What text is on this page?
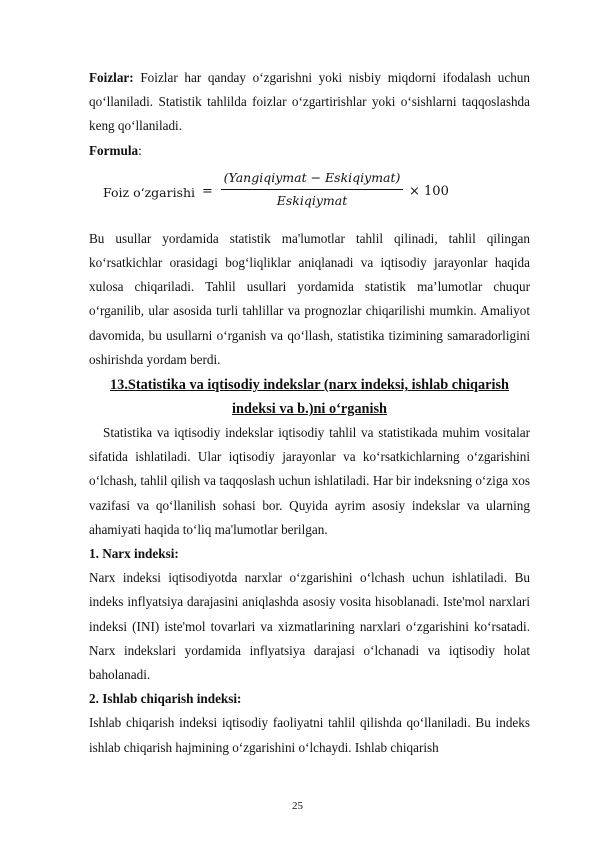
Foizlar: Foizlar har qanday o‘zgarishni yoki nisbiy miqdorni ifodalash uchun qo‘llaniladi. Statistik tahlilda foizlar o‘zgartirishlar yoki o‘sishlarni taqqoslashda keng qo‘llaniladi.

Formula:

Foiz o‘zgarishi =
(Yangiqiymat − Eskiqiymat)
Eskiqiymat
× 100

Bu usullar yordamida statistik ma'lumotlar tahlil qilinadi, tahlil qilingan ko‘rsatkichlar orasidagi bog‘liqliklar aniqlanadi va iqtisodiy jarayonlar haqida xulosa chiqariladi. Tahlil usullari yordamida statistik ma’lumotlar chuqur o‘rganilib, ular asosida turli tahlillar va prognozlar chiqarilishi mumkin. Amaliyot davomida, bu usullarni o‘rganish va qo‘llash, statistika tizimining samaradorligini oshirishda yordam berdi.

13.Statistika va iqtisodiy indekslar (narx indeksi, ishlab chiqarish indeksi va b.)ni o‘rganish

Statistika va iqtisodiy indekslar iqtisodiy tahlil va statistikada muhim vositalar sifatida ishlatiladi. Ular iqtisodiy jarayonlar va ko‘rsatkichlarning o‘zgarishini o‘lchash, tahlil qilish va taqqoslash uchun ishlatiladi. Har bir indeksning o‘ziga xos vazifasi va qo‘llanilish sohasi bor. Quyida ayrim asosiy indekslar va ularning ahamiyati haqida to‘liq ma'lumotlar berilgan.

1. Narx indeksi:

Narx indeksi iqtisodiyotda narxlar o‘zgarishini o‘lchash uchun ishlatiladi. Bu indeks inflyatsiya darajasini aniqlashda asosiy vosita hisoblanadi. Iste'mol narxlari indeksi (INI) iste'mol tovarlari va xizmatlarining narxlari o‘zgarishini ko‘rsatadi. Narx indekslari yordamida inflyatsiya darajasi o‘lchanadi va iqtisodiy holat baholanadi.

2. Ishlab chiqarish indeksi:

Ishlab chiqarish indeksi iqtisodiy faoliyatni tahlil qilishda qo‘llaniladi. Bu indeks ishlab chiqarish hajmining o‘zgarishini o‘lchaydi. Ishlab chiqarish

25
